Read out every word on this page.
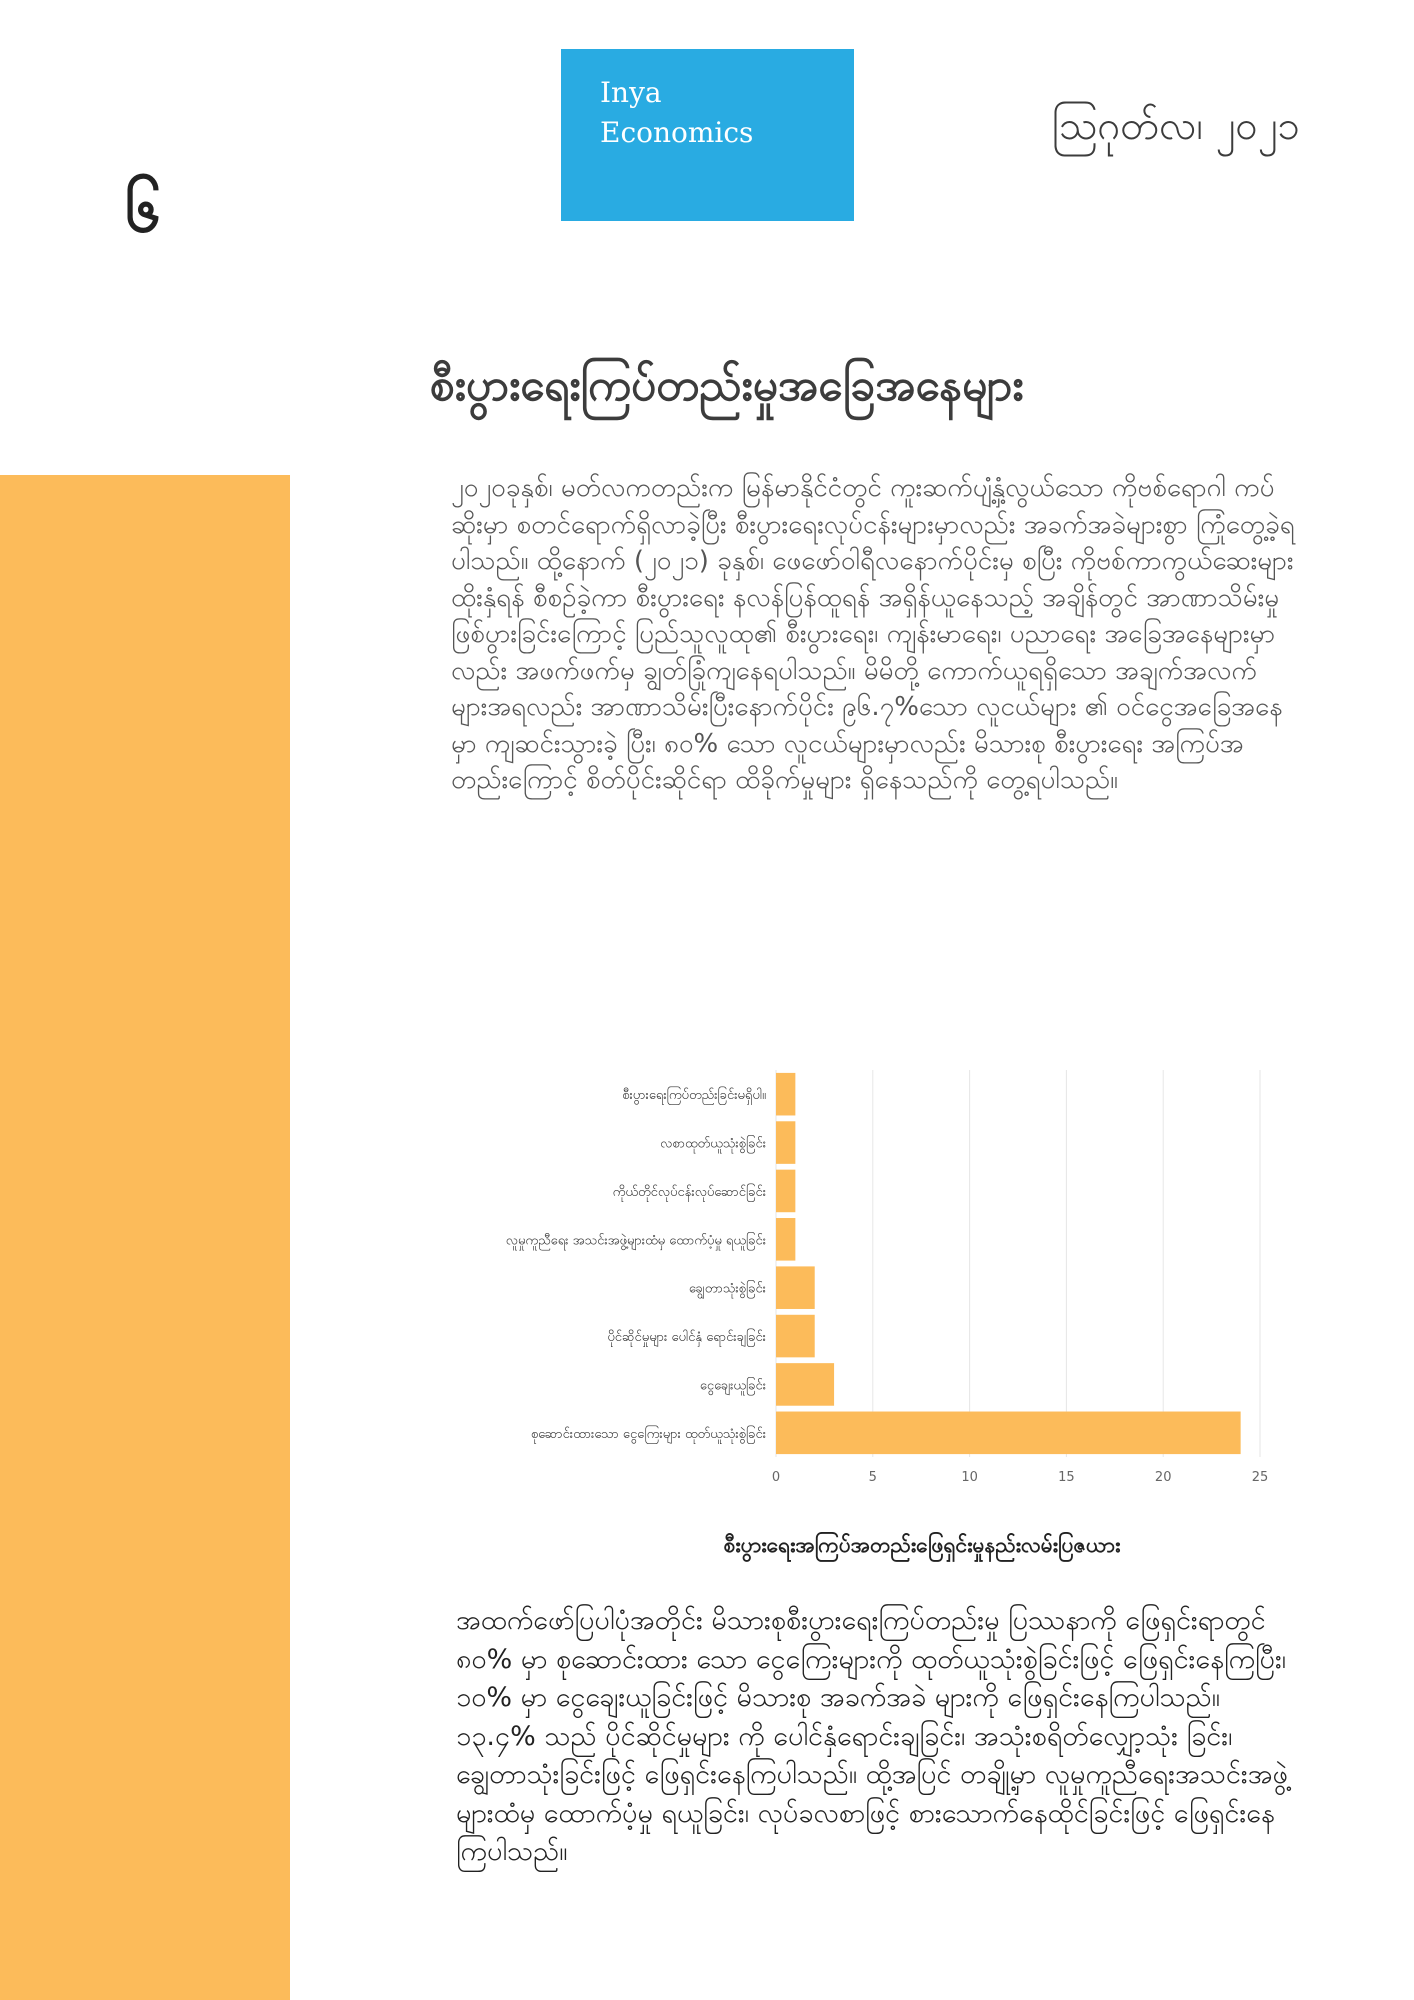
၆
Inya
Economics	ဩဂုတ်လ၊ ၂၀၂၁
စီးပွားရေးကြပ်တည်းမှုအခြေအနေများ

၂၀၂၀ခုနှစ်၊ မတ်လကတည်းက မြန်မာနိုင်ငံတွင် ကူးဆက်ပျံ့နှံ့လွယ်သော ကိုဗစ်ရောဂါ ကပ်ဆိုးမှာ စတင်ရောက်ရှိလာခဲ့ပြီး စီးပွားရေးလုပ်ငန်းများမှာလည်း အခက်အခဲများစွာ ကြုံတွေ့ခဲ့ရပါသည်။ ထို့နောက် (၂၀၂၁) ခုနှစ်၊ ဖေဖော်ဝါရီလနောက်ပိုင်းမှ စပြီး ကိုဗစ်ကာကွယ်ဆေးများထိုးနှံရန် စီစဉ်ခဲ့ကာ စီးပွားရေး နလန်ပြန်ထူရန် အရှိန်ယူနေသည့် အချိန်တွင် အာဏာသိမ်းမှုဖြစ်ပွားခြင်းကြောင့် ပြည်သူလူထု၏ စီးပွားရေး၊ ကျန်းမာရေး၊ ပညာရေး အခြေအနေများမှာလည်း အဖက်ဖက်မှ ချွတ်ခြုံကျနေရပါသည်။ မိမိတို့ ကောက်ယူရရှိသော အချက်အလက် များအရလည်း အာဏာသိမ်းပြီးနောက်ပိုင်း ၉၆.၇%သော လူငယ်များ ၏ ဝင်ငွေအခြေအနေမှာ ကျဆင်းသွားခဲ့ ပြီး၊ ၈၀% သော လူငယ်များမှာလည်း မိသားစု စီးပွားရေး အကြပ်အတည်းကြောင့် စိတ်ပိုင်းဆိုင်ရာ ထိခိုက်မှုများ ရှိနေသည်ကို တွေ့ရပါသည်။

0	5	10	15	20	25
စီးပွားရေးကြပ်တည်းခြင်းမရှိပါ။
လစာထုတ်ယူသုံးစွဲခြင်း
ကိုယ်တိုင်လုပ်ငန်းလုပ်ဆောင်ခြင်း
လူမှုကူညီရေး အသင်းအဖွဲ့များထံမှ ထောက်ပံ့မှု ရယူခြင်း
ချွေတာသုံးစွဲခြင်း
ပိုင်ဆိုင်မှုများ ပေါင်နှံ ရောင်းချခြင်း
ငွေချေးယူခြင်း
စုဆောင်းထားသော ငွေကြေးများ ထုတ်ယူသုံးစွဲခြင်း
စီးပွားရေးအကြပ်အတည်းဖြေရှင်းမှုနည်းလမ်းပြဇယား

အထက်ဖော်ပြပါပုံအတိုင်း မိသားစုစီးပွားရေးကြပ်တည်းမှု ပြဿနာကို ဖြေရှင်းရာတွင် ၈၀% မှာ စုဆောင်းထား သော ငွေကြေးများကို ထုတ်ယူသုံးစွဲခြင်းဖြင့် ဖြေရှင်းနေကြပြီး၊ ၁၀% မှာ ငွေချေးယူခြင်းဖြင့် မိသားစု အခက်အခဲ များကို ဖြေရှင်းနေကြပါသည်။ ၁၃.၄% သည် ပိုင်ဆိုင်မှုများ ကို ပေါင်နှံရောင်းချခြင်း၊ အသုံးစရိတ်လျှော့သုံး ခြင်း၊ ချွေတာသုံးခြင်းဖြင့် ဖြေရှင်းနေကြပါသည်။ ထို့အပြင် တချို့မှာ လူမှုကူညီရေးအသင်းအဖွဲ့များထံမှ ထောက်ပံ့မှု ရယူခြင်း၊ လုပ်ခလစာဖြင့် စားသောက်နေထိုင်ခြင်းဖြင့် ဖြေရှင်းနေကြပါသည်။
